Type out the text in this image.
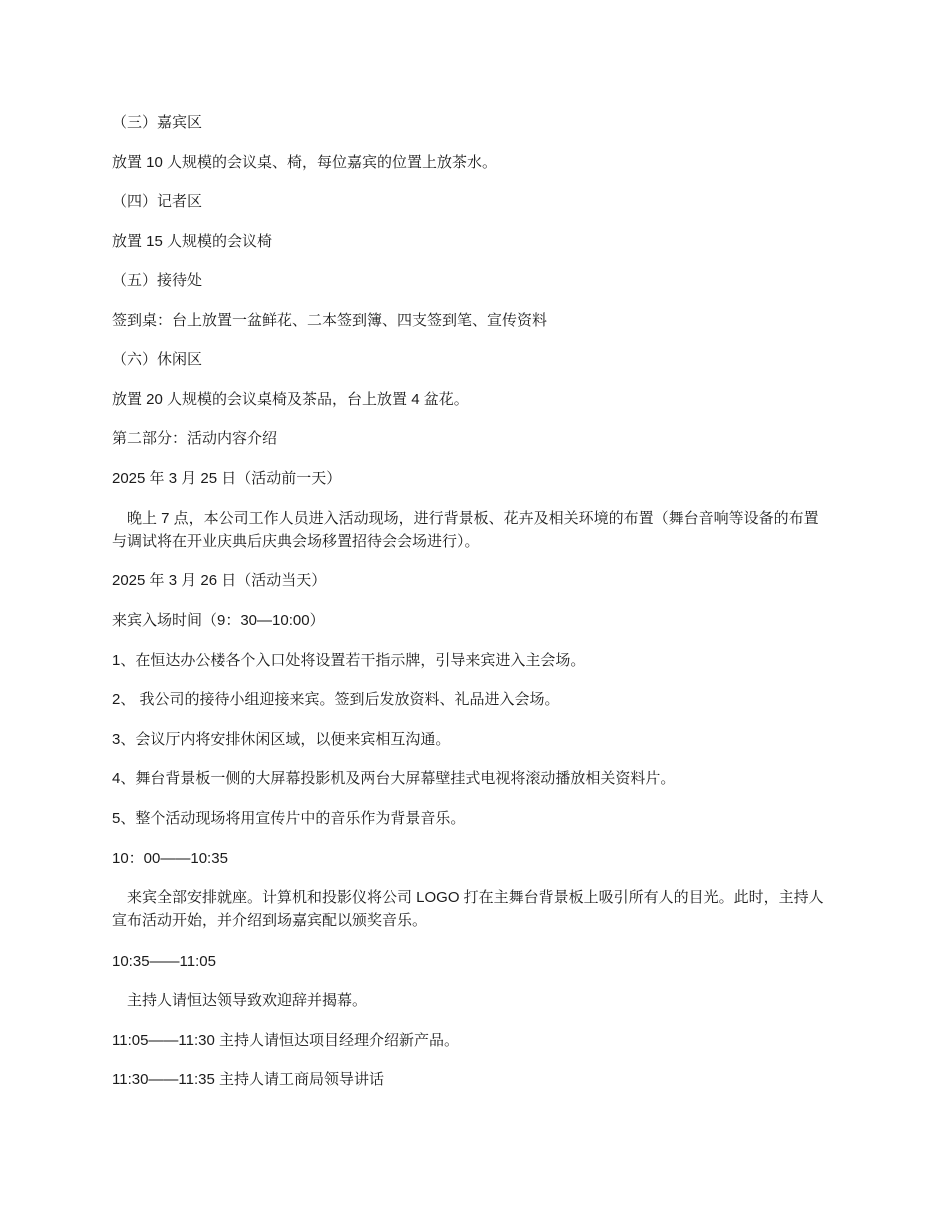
（三）嘉宾区
放置 10 人规模的会议桌、椅，每位嘉宾的位置上放茶水。
（四）记者区
放置 15 人规模的会议椅
（五）接待处
签到桌：台上放置一盆鲜花、二本签到簿、四支签到笔、宣传资料
（六）休闲区
放置 20 人规模的会议桌椅及茶品，台上放置 4 盆花。
第二部分：活动内容介绍
2025 年 3 月 25 日（活动前一天）
　晚上 7 点，本公司工作人员进入活动现场，进行背景板、花卉及相关环境的布置（舞台音响等设备的布置与调试将在开业庆典后庆典会场移置招待会会场进行）。
2025 年 3 月 26 日（活动当天）
来宾入场时间（9：30—10:00）
1、在恒达办公楼各个入口处将设置若干指示牌，引导来宾进入主会场。
2、 我公司的接待小组迎接来宾。签到后发放资料、礼品进入会场。
3、会议厅内将安排休闲区域，以便来宾相互沟通。
4、舞台背景板一侧的大屏幕投影机及两台大屏幕壁挂式电视将滚动播放相关资料片。
5、整个活动现场将用宣传片中的音乐作为背景音乐。
10：00——10:35
　来宾全部安排就座。计算机和投影仪将公司 LOGO 打在主舞台背景板上吸引所有人的目光。此时，主持人宣布活动开始，并介绍到场嘉宾配以颁奖音乐。
10:35——11:05
　主持人请恒达领导致欢迎辞并揭幕。
11:05——11:30 主持人请恒达项目经理介绍新产品。
11:30——11:35 主持人请工商局领导讲话
